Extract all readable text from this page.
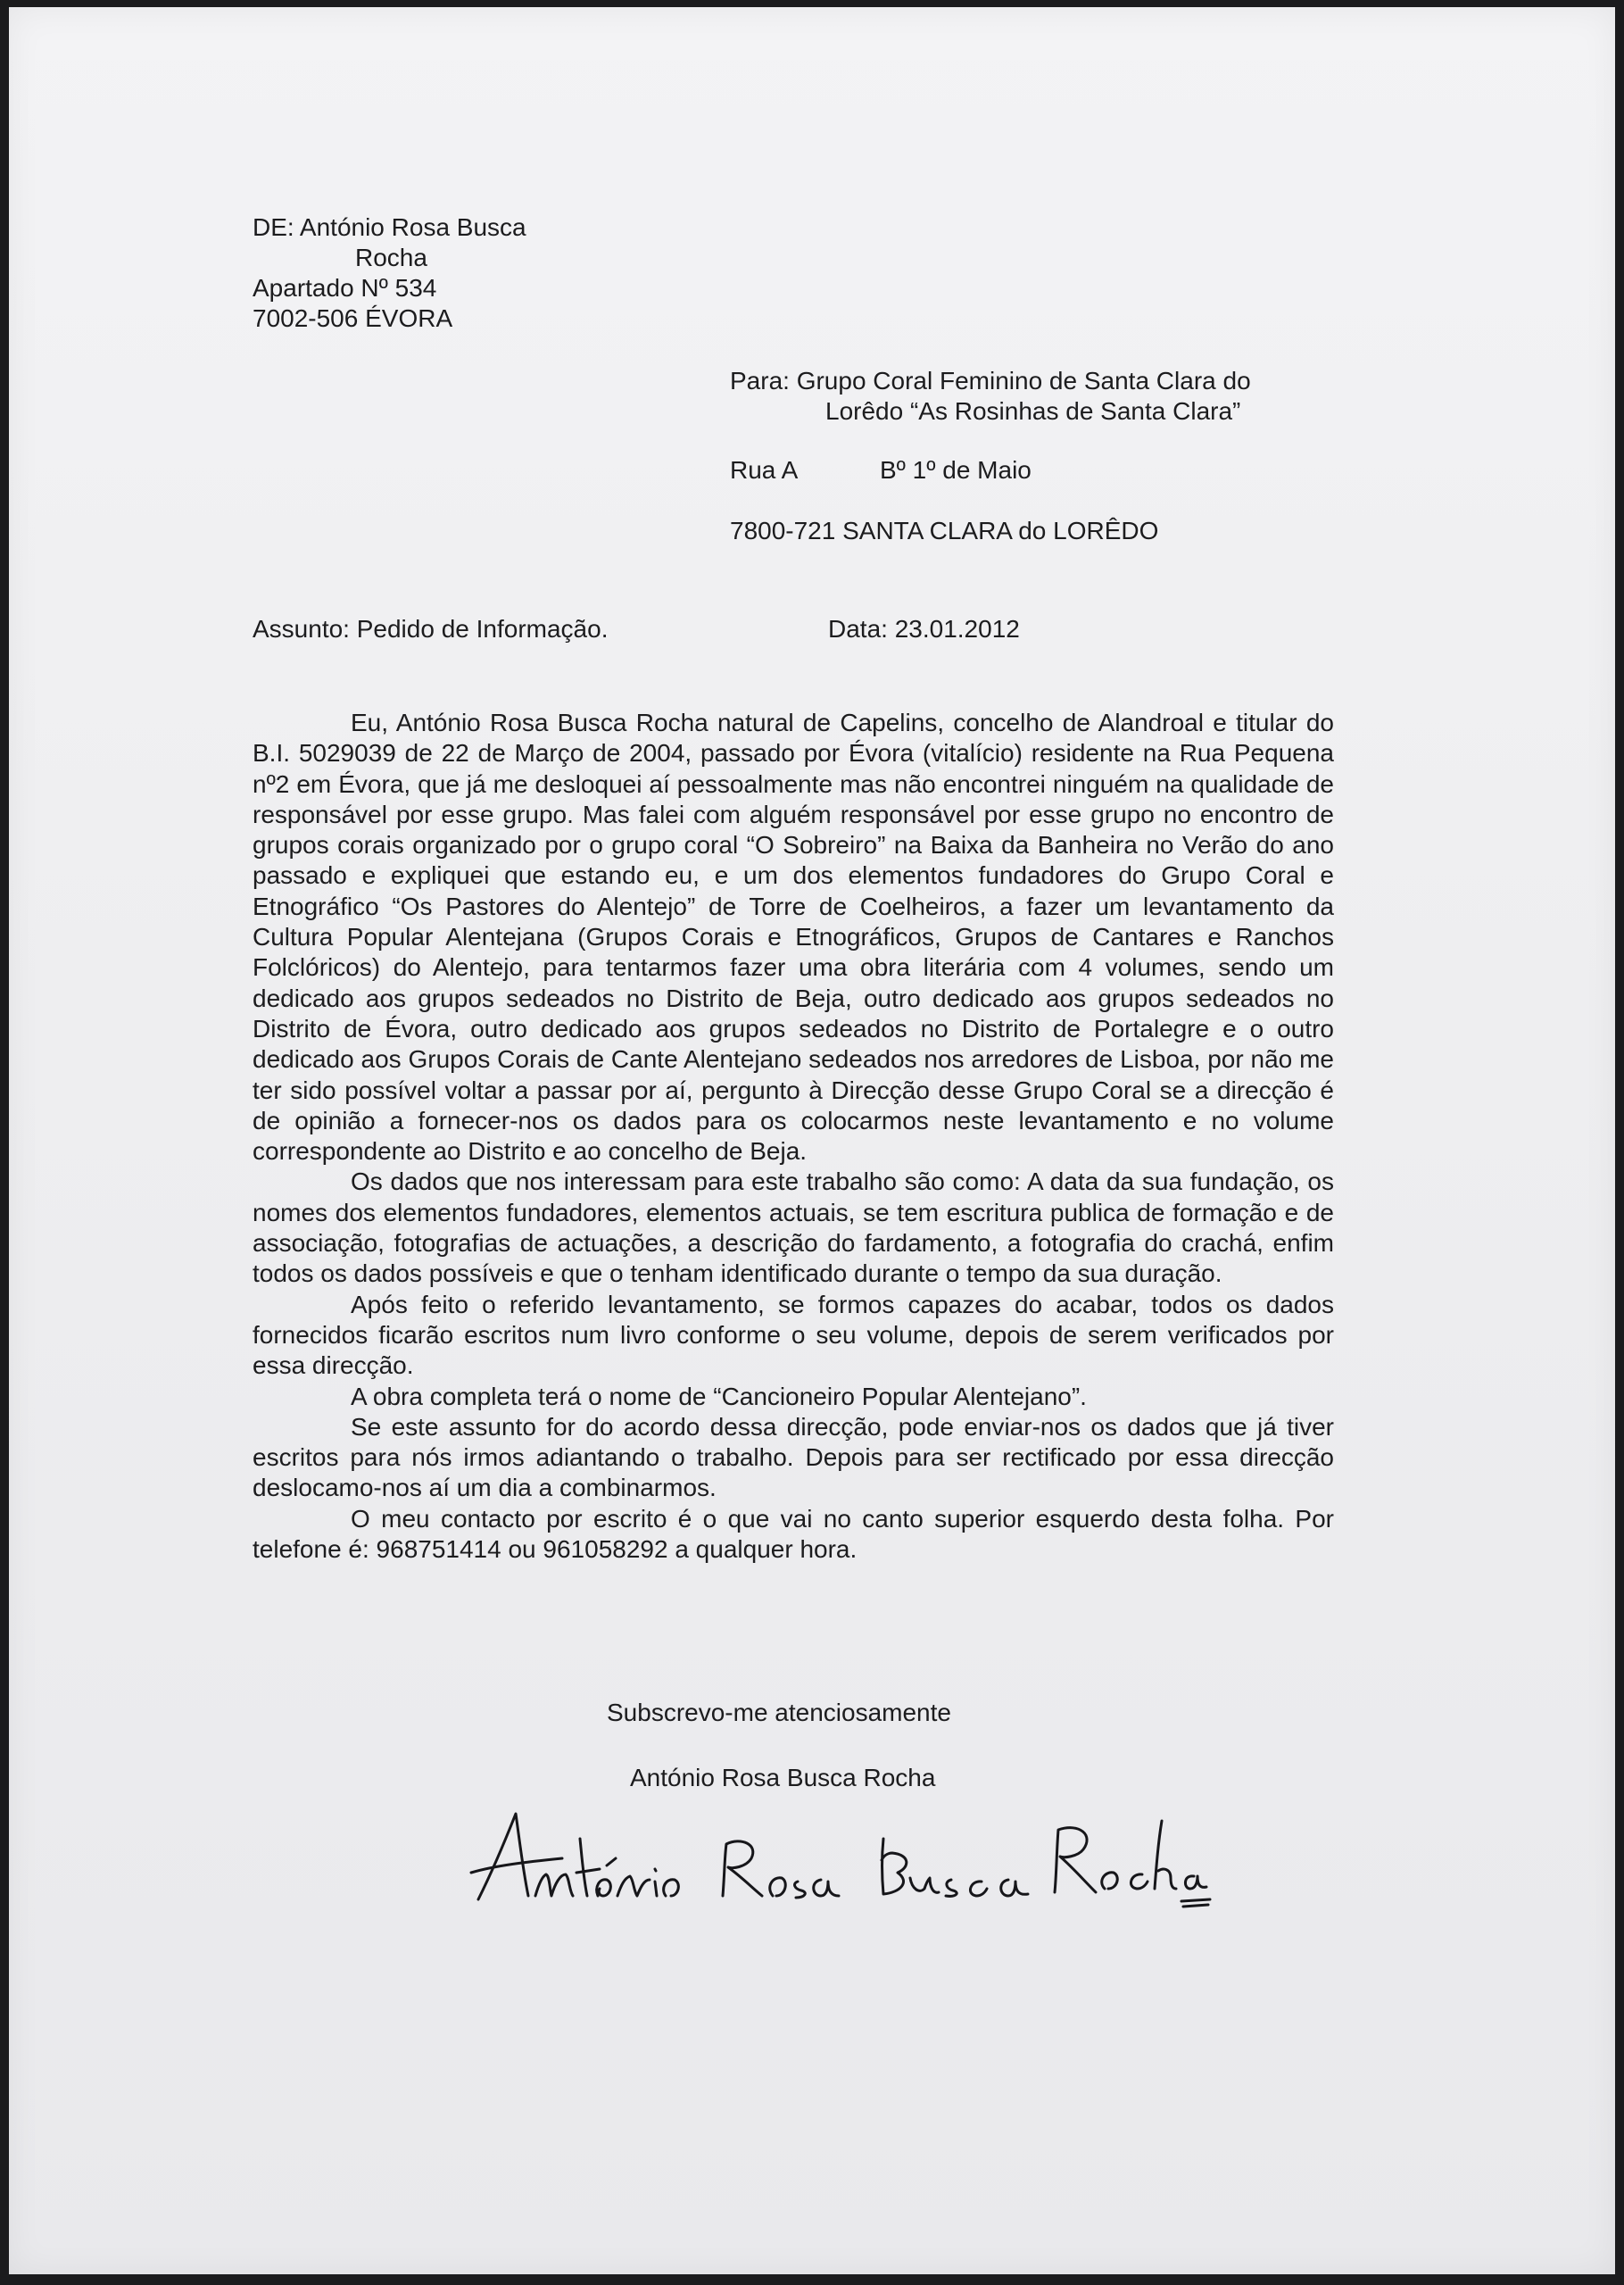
DE: António Rosa Busca
Rocha
Apartado Nº 534
7002-506 ÉVORA
Para: Grupo Coral Feminino de Santa Clara do
Lorêdo “As Rosinhas de Santa Clara”
Rua A	Bº 1º de Maio
7800-721 SANTA CLARA do LORÊDO
Assunto: Pedido de Informação.	Data: 23.01.2012

Eu, António Rosa Busca Rocha natural de Capelins, concelho de Alandroal e titular do B.I. 5029039 de 22 de Março de 2004, passado por Évora (vitalício) residente na Rua Pequena nº2 em Évora, que já me desloquei aí pessoalmente mas não encontrei ninguém na qualidade de responsável por esse grupo. Mas falei com alguém responsável por esse grupo no encontro de grupos corais organizado por o grupo coral “O Sobreiro” na Baixa da Banheira no Verão do ano passado e expliquei que estando eu, e um dos elementos fundadores do Grupo Coral e Etnográfico “Os Pastores do Alentejo” de Torre de Coelheiros, a fazer um levantamento da Cultura Popular Alentejana (Grupos Corais e Etnográficos, Grupos de Cantares e Ranchos Folclóricos) do Alentejo, para tentarmos fazer uma obra literária com 4 volumes, sendo um dedicado aos grupos sedeados no Distrito de Beja, outro dedicado aos grupos sedeados no Distrito de Évora, outro dedicado aos grupos sedeados no Distrito de Portalegre e o outro dedicado aos Grupos Corais de Cante Alentejano sedeados nos arredores de Lisboa, por não me ter sido possível voltar a passar por aí, pergunto à Direcção desse Grupo Coral se a direcção é de opinião a fornecer-nos os dados para os colocarmos neste levantamento e no volume correspondente ao Distrito e ao concelho de Beja.

Os dados que nos interessam para este trabalho são como: A data da sua fundação, os nomes dos elementos fundadores, elementos actuais, se tem escritura publica de formação e de associação, fotografias de actuações, a descrição do fardamento, a fotografia do crachá, enfim todos os dados possíveis e que o tenham identificado durante o tempo da sua duração.

Após feito o referido levantamento, se formos capazes do acabar, todos os dados fornecidos ficarão escritos num livro conforme o seu volume, depois de serem verificados por essa direcção.

A obra completa terá o nome de “Cancioneiro Popular Alentejano”.

Se este assunto for do acordo dessa direcção, pode enviar-nos os dados que já tiver escritos para nós irmos adiantando o trabalho. Depois para ser rectificado por essa direcção deslocamo-nos aí um dia a combinarmos.

O meu contacto por escrito é o que vai no canto superior esquerdo desta folha. Por telefone é: 968751414 ou 961058292 a qualquer hora.

Subscrevo-me atenciosamente
António Rosa Busca Rocha
